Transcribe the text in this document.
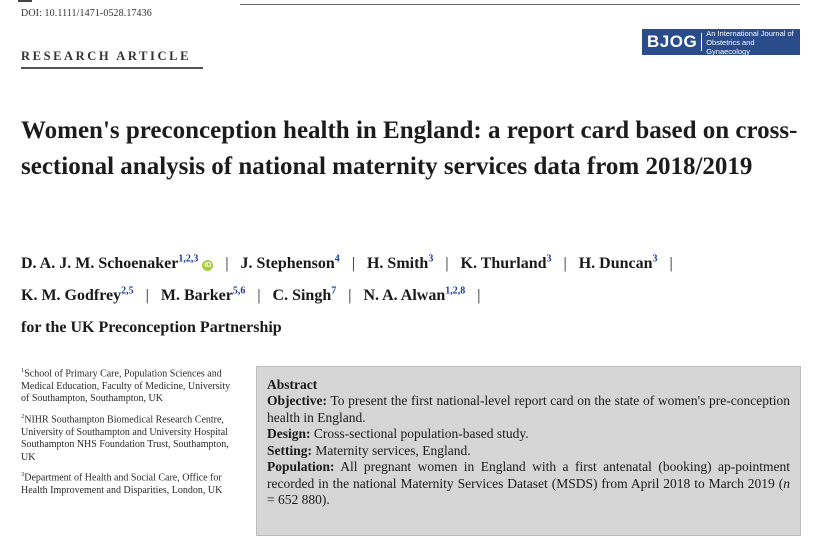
DOI: 10.1111/1471-0528.17436
RESEARCH ARTICLE
BJOG An International Journal of
Obstetrics and Gynaecology
Women's preconception health in England: a report card based on cross-sectional analysis of national maternity services data from 2018/2019
D. A. J. M. Schoenaker$^{1,2,3}$iD | J. Stephenson$^4$ | H. Smith$^3$ | K. Thurland$^3$ | H. Duncan$^3$ |
K. M. Godfrey$^{2,5}$ | M. Barker$^{5,6}$ | C. Singh$^7$ | N. A. Alwan$^{1,2,8}$ |
for the UK Preconception Partnership
$^1$School of Primary Care, Population Sciences and Medical Education, Faculty of Medicine, University of Southampton, Southampton, UK
$^2$NIHR Southampton Biomedical Research Centre, University of Southampton and University Hospital Southampton NHS Foundation Trust, Southampton, UK
$^3$Department of Health and Social Care, Office for Health Improvement and Disparities, London, UK
Abstract

Objective: To present the first national-level report card on the state of women's pre-conception health in England.

Design: Cross-sectional population-based study.

Setting: Maternity services, England.

Population: All pregnant women in England with a first antenatal (booking) ap-pointment recorded in the national Maternity Services Dataset (MSDS) from April 2018 to March 2019 (n = 652 880).
